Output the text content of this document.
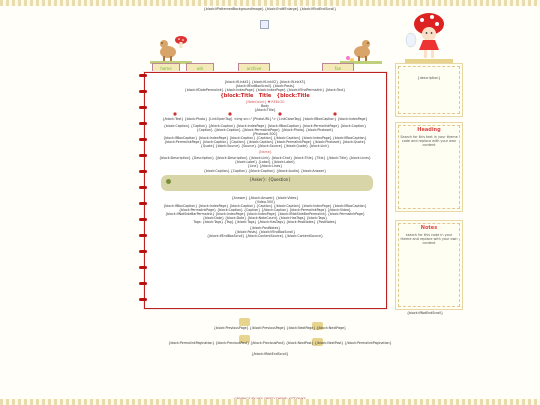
{block:IfPatternedBackgroundImage} {block:EndIfEnlarge} {block:IfEndEndScroll}
home	ask	archive	fan
{block:IfLinkX1} {block:IfLinkX2} {block:IfLinkX3}
{block:IfEndBoxScroll} {block:Posts}
{block:IfDatePermalink} {block:IndexPage} {block:IndexPage} {block:IfEndPermalink} {block:Text}
{block:Title Title {block:Title
{NoteCount} ♥ REBLOG
Body
{/block:Title}
{/block:Text} {block:Photo} {LinkOpenTag} <img src="{PhotoURL}"> {LinkCloseTag} {block:IfBoxCaption} {block:IndexPage}
{block:Caption} {Caption} {/block:Caption} {block:IndexPage} {block:IfBoxCaption} {block:PermalinkPage} {block:Caption}
{Caption} {/block:Caption} {/block:PermalinkPage} {/block:Photo} {block:Photoset}
{Photoset-500}
{block:IfBoxCaption} {block:IndexPage} {block:Caption} {Caption} {/block:Caption} {block:IndexPage} {block:IfBoxCaption}
{block:PermalinkPage} {block:Caption} {Caption} {/block:Caption} {block:PermalinkPage} {/block:Photoset} {block:Quote}
{Quote} {block:Source} {Source} {/block:Source} {/block:Quote} {block:Link}
{Name}
{block:Description} {Description} {/block:Description} {/block:Link} {block:Chat} {block:Title} {Title} {/block:Title} {block:Lines}
{block:Label} {Label} {/block:Label}
{Line} {/block:Lines}
{block:Caption} {Caption} {/block:Caption} {/block:Audio} {block:Answer}
{Asker}: {Question}
{Answer} {/block:Answer} {block:Video}
{Video-500}
{block:IfBoxCaption} {block:IndexPage} {block:Caption} {Caption} {/block:Caption} {block:IndexPage} {block:IfBoxCaption}
{block:PermalinkPage} {block:Caption} {Caption} {/block:Caption} {block:PermalinkPage} {/block:Video}
{block:IfNotSideBarPermalink} {block:IndexPage} {block:IndexPage} {block:IfNotSideBarPermalink} {block:PermalinkPage}
{block:Date} {block:Date} {block:NoteCount} {block:HasTags} {block:Tags}
Tags: {block:Tags} {Tag} {/block:Tags} {/block:HasTags} {block:PostNotes} {PostNotes}
{/block:PostNotes}
{/block:Posts} {block:IfEndBoxScroll}
{/block:IfEndBoxScroll} {/block:ContentSource} {/block:ContentSource}
{description}
Heading
Search for this text in your theme code and replace with your own content
Notes
search for this code in your theme and replace with your own content
{block:IfNotEndScroll}
{block:PreviousPage} {/block:PreviousPage} {block:NextPage} {/block:NextPage}
{block:PermalinkPagination} {block:PreviousPost} {/block:PreviousPost} {block:NextPost} {/block:NextPost} {/block:PermalinkPagination}
{/block:IfNotEndScroll}
